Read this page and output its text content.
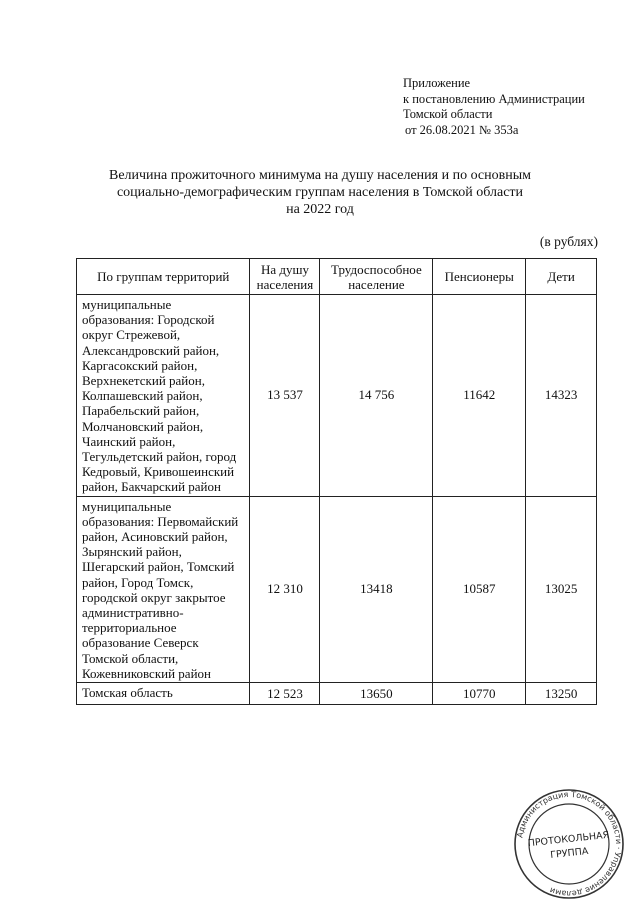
Приложение
к постановлению Администрации
Томской области
от 26.08.2021 № 353а
Величина прожиточного минимума на душу населения и по основным
социально-демографическим группам населения в Томской области
на 2022 год
(в рублях)
По группам территорий	На душу населения	Трудоспособное население	Пенсионеры	Дети
муниципальные образования: Городской округ Стрежевой, Александровский район, Каргасокский район, Верхнекетский район, Колпашевский район, Парабельский район, Молчановский район, Чаинский район, Тегульдетский район, город Кедровый, Кривошеинский район, Бакчарский район	13 537	14 756	11642	14323
муниципальные образования: Первомайский район, Асиновский район, Зырянский район, Шегарский район, Томский район, Город Томск, городской округ закрытое административно-территориальное образование Северск Томской области, Кожевниковский район	12 310	13418	10587	13025
Томская область	12 523	13650	10770	13250
Администрация Томской области · Управление делами
ПРОТОКОЛЬНАЯ
ГРУППА
